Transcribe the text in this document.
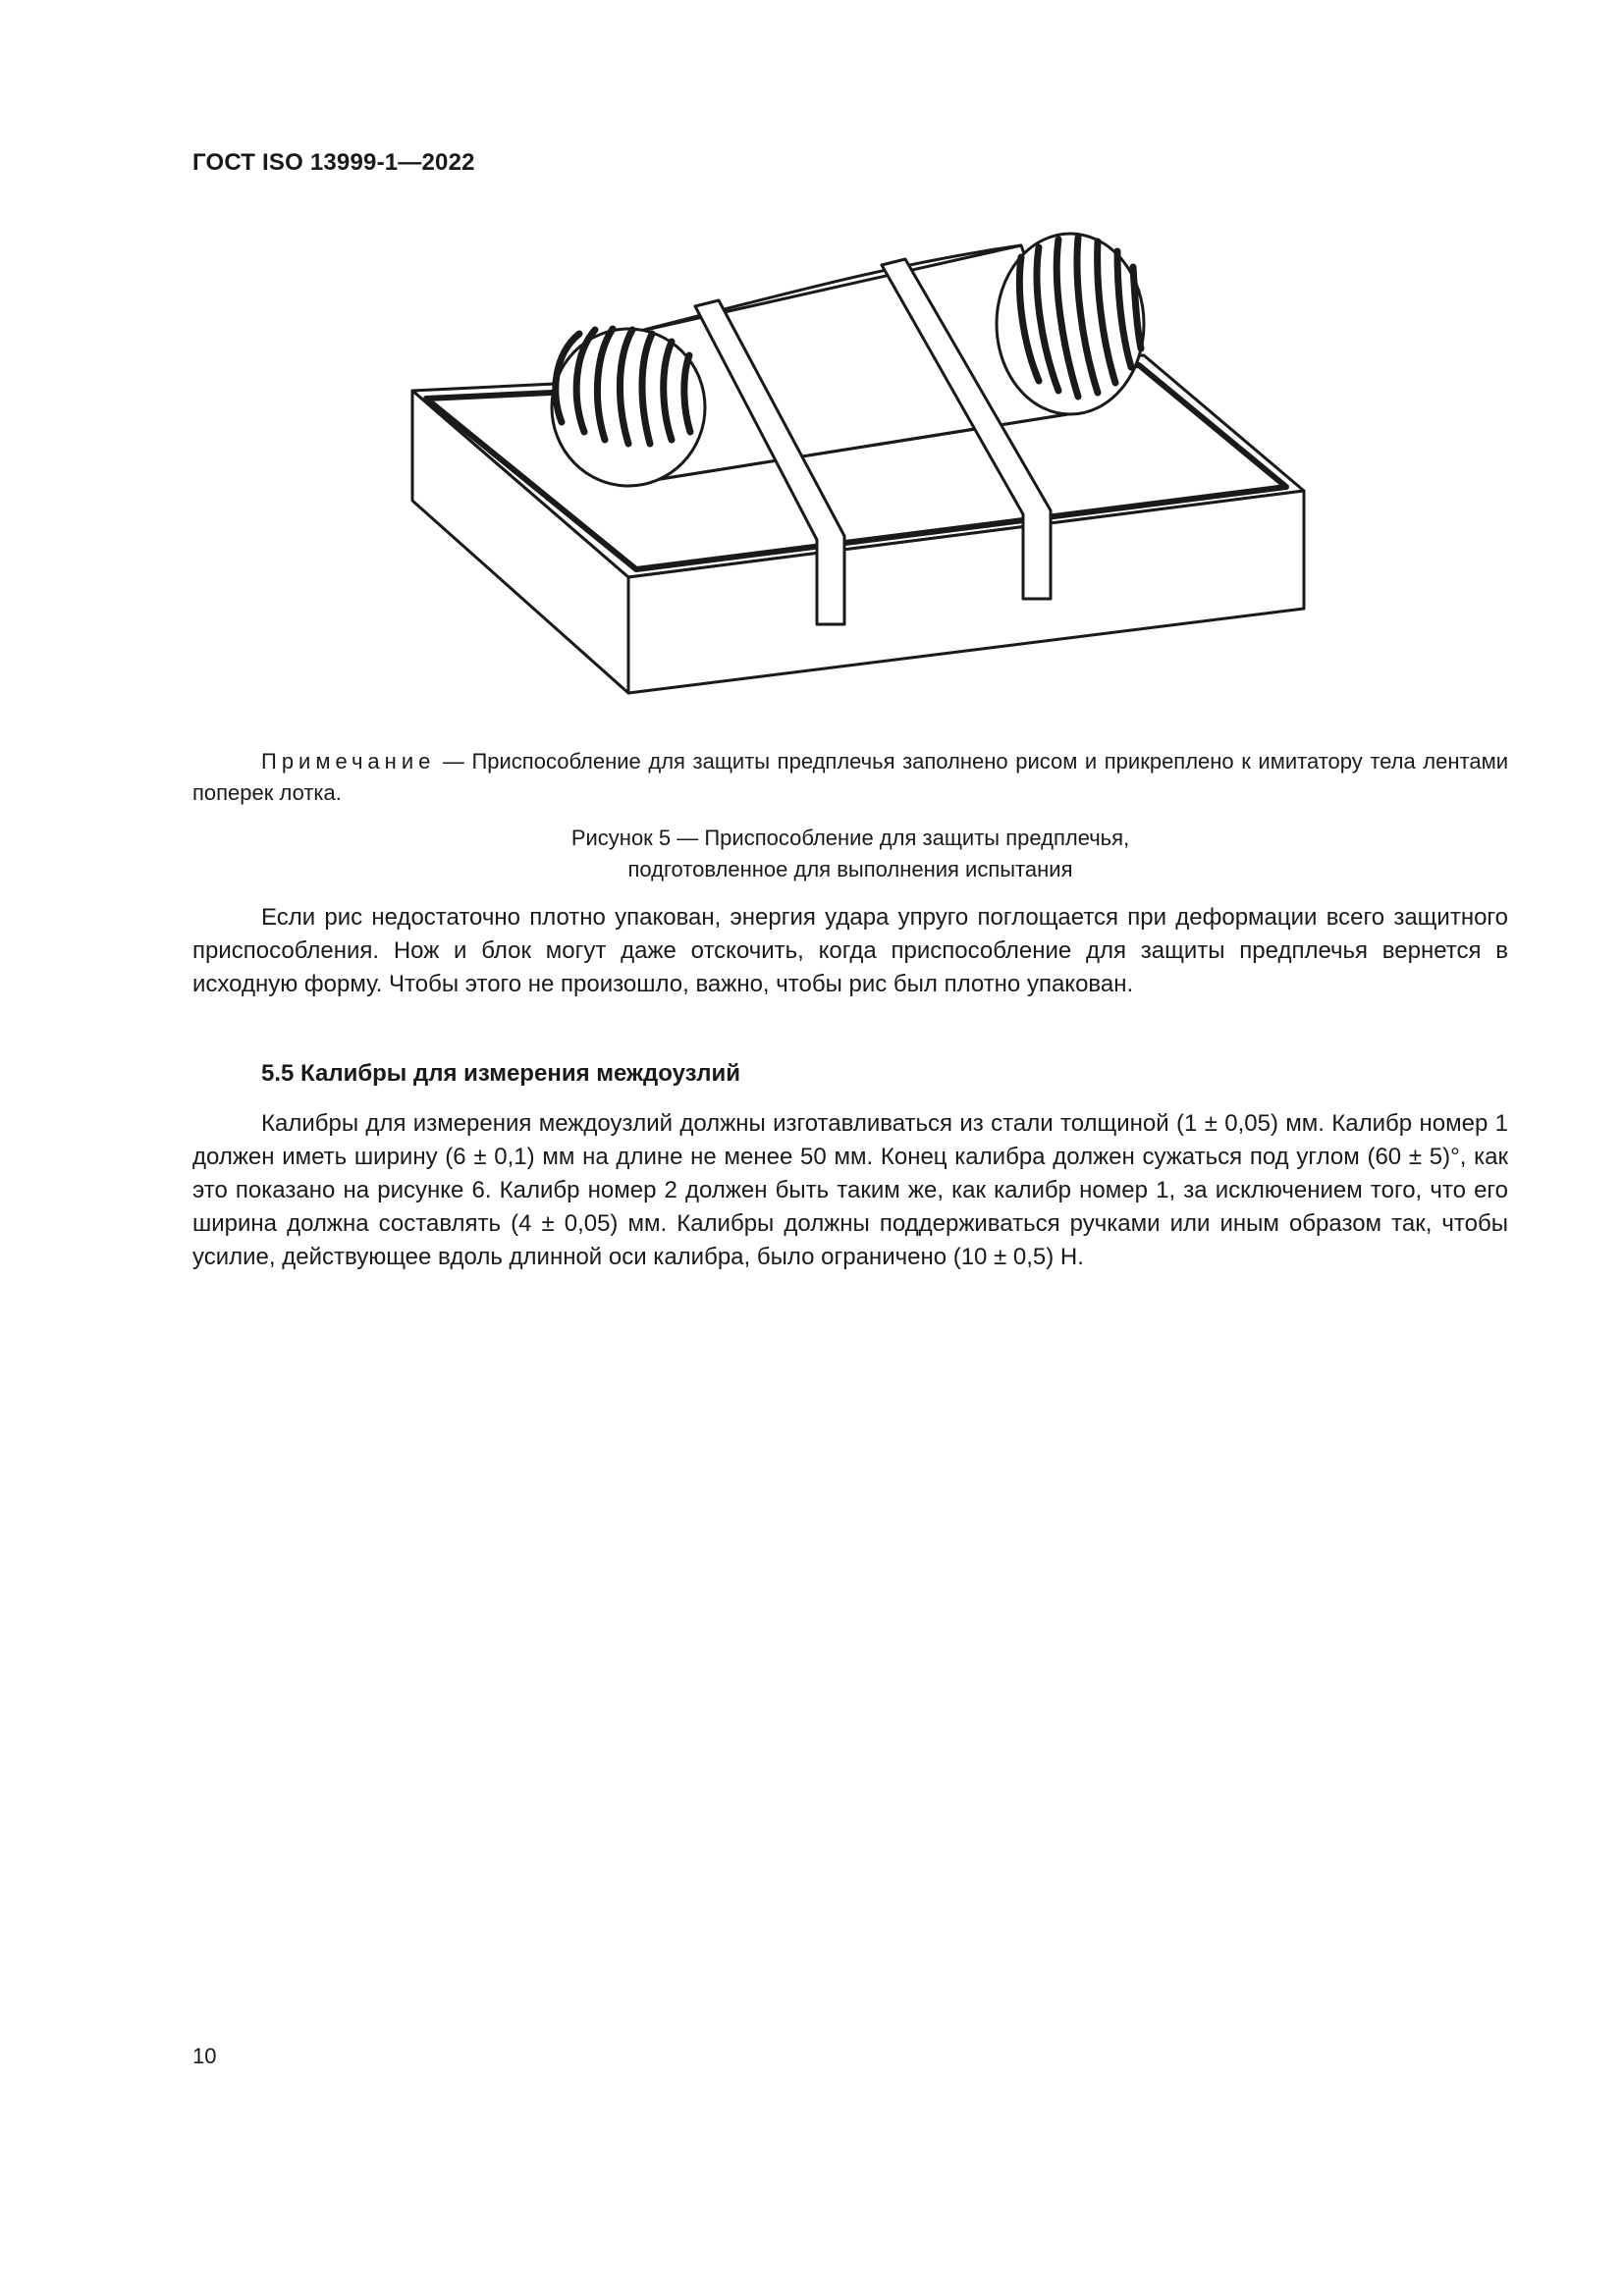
ГОСТ ISO 13999-1—2022
Примечание — Приспособление для защиты предплечья заполнено рисом и прикреплено к имитатору тела лентами поперек лотка.
Рисунок 5 — Приспособление для защиты предплечья,
подготовленное для выполнения испытания

Если рис недостаточно плотно упакован, энергия удара упруго поглощается при деформации всего защитного приспособления. Нож и блок могут даже отскочить, когда приспособление для защиты предплечья вернется в исходную форму. Чтобы этого не произошло, важно, чтобы рис был плотно упакован.

5.5 Калибры для измерения междоузлий

Калибры для измерения междоузлий должны изготавливаться из стали толщиной (1 ± 0,05) мм. Калибр номер 1 должен иметь ширину (6 ± 0,1) мм на длине не менее 50 мм. Конец калибра должен сужаться под углом (60 ± 5)°, как это показано на рисунке 6. Калибр номер 2 должен быть таким же, как калибр номер 1, за исключением того, что его ширина должна составлять (4 ± 0,05) мм. Калибры должны поддерживаться ручками или иным образом так, чтобы усилие, действующее вдоль длинной оси калибра, было ограничено (10 ± 0,5) Н.

10
